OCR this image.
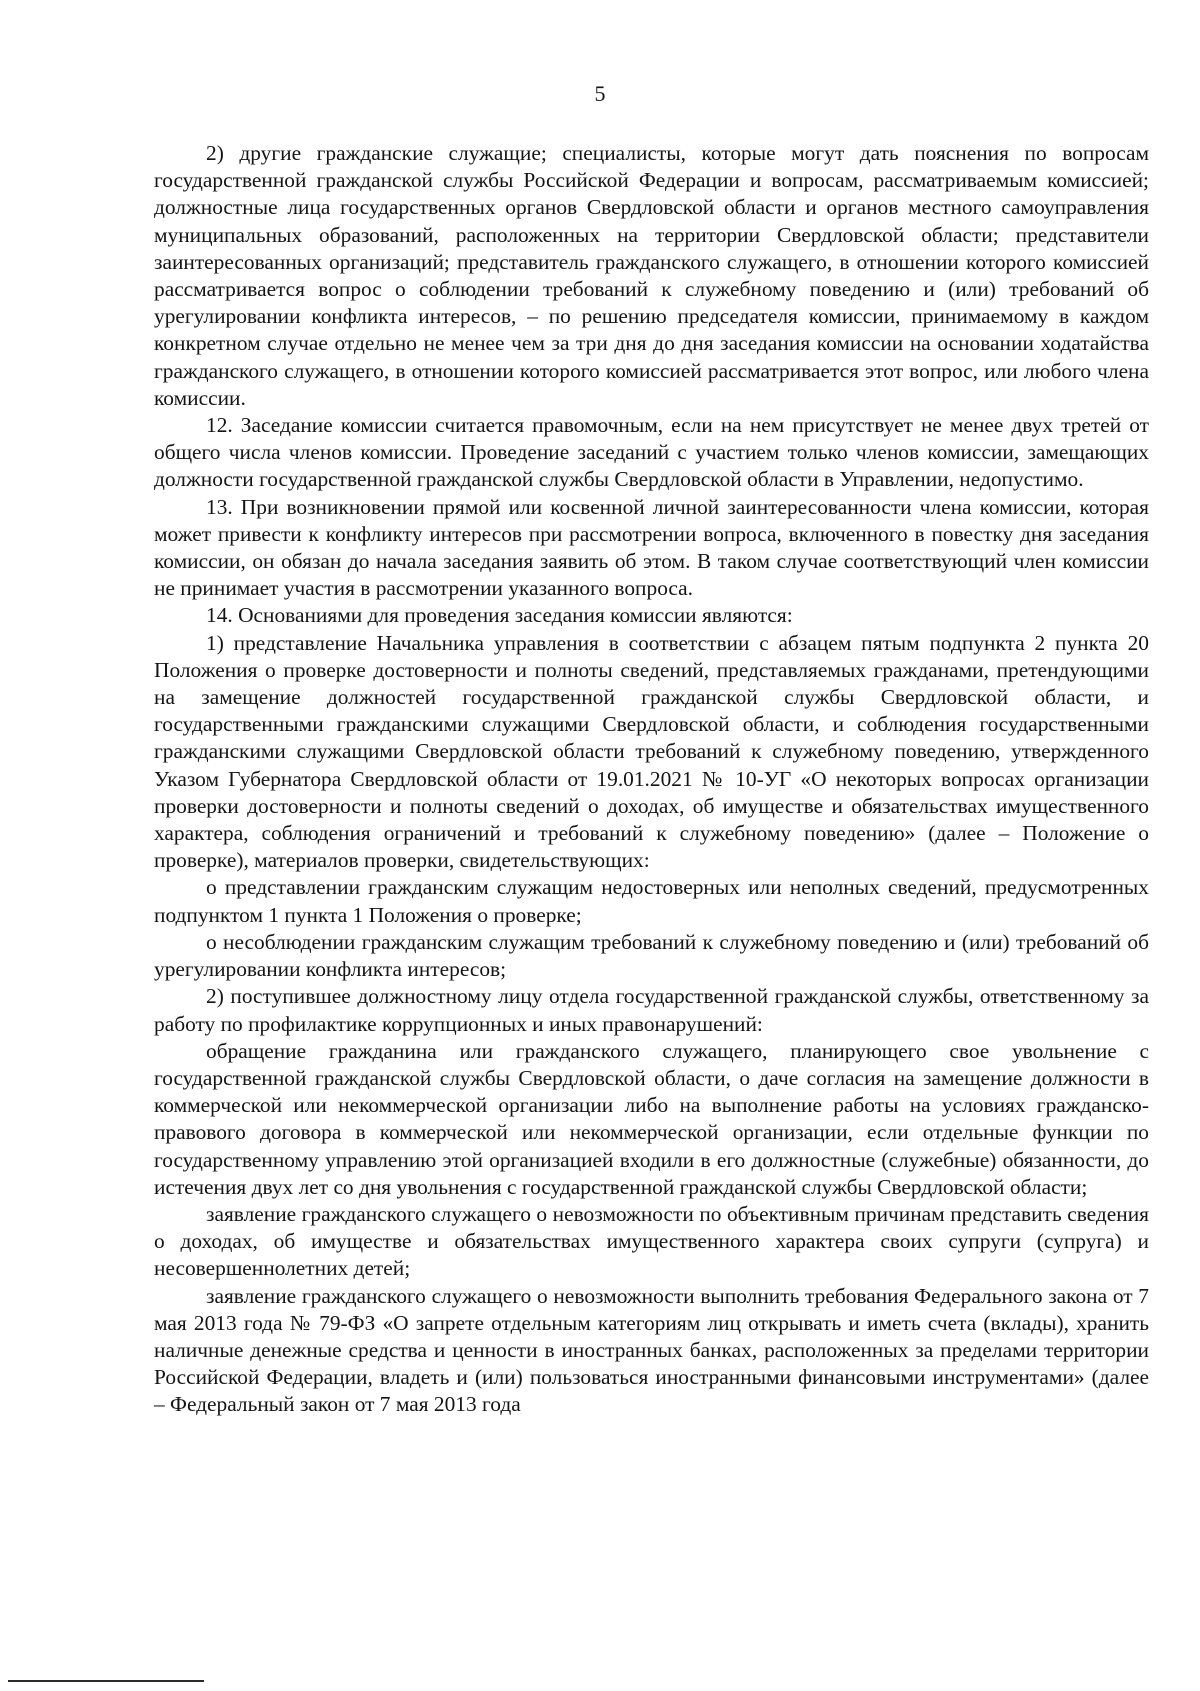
5

2) другие гражданские служащие; специалисты, которые могут дать пояснения по вопросам государственной гражданской службы Российской Федерации и вопросам, рассматриваемым комиссией; должностные лица государственных органов Свердловской области и органов местного самоуправления муниципальных образований, расположенных на территории Свердловской области; представители заинтересованных организаций; представитель гражданского служащего, в отношении которого комиссией рассматривается вопрос о соблюдении требований к служебному поведению и (или) требований об урегулировании конфликта интересов, – по решению председателя комиссии, принимаемому в каждом конкретном случае отдельно не менее чем за три дня до дня заседания комиссии на основании ходатайства гражданского служащего, в отношении которого комиссией рассматривается этот вопрос, или любого члена комиссии.

12. Заседание комиссии считается правомочным, если на нем присутствует не менее двух третей от общего числа членов комиссии. Проведение заседаний с участием только членов комиссии, замещающих должности государственной гражданской службы Свердловской области в Управлении, недопустимо.

13. При возникновении прямой или косвенной личной заинтересованности члена комиссии, которая может привести к конфликту интересов при рассмотрении вопроса, включенного в повестку дня заседания комиссии, он обязан до начала заседания заявить об этом. В таком случае соответствующий член комиссии не принимает участия в рассмотрении указанного вопроса.

14. Основаниями для проведения заседания комиссии являются:

1) представление Начальника управления в соответствии с абзацем пятым подпункта 2 пункта 20 Положения о проверке достоверности и полноты сведений, представляемых гражданами, претендующими на замещение должностей государственной гражданской службы Свердловской области, и государственными гражданскими служащими Свердловской области, и соблюдения государственными гражданскими служащими Свердловской области требований к служебному поведению, утвержденного Указом Губернатора Свердловской области от 19.01.2021 № 10-УГ «О некоторых вопросах организации проверки достоверности и полноты сведений о доходах, об имуществе и обязательствах имущественного характера, соблюдения ограничений и требований к служебному поведению» (далее – Положение о проверке), материалов проверки, свидетельствующих:

о представлении гражданским служащим недостоверных или неполных сведений, предусмотренных подпунктом 1 пункта 1 Положения о проверке;

о несоблюдении гражданским служащим требований к служебному поведению и (или) требований об урегулировании конфликта интересов;

2) поступившее должностному лицу отдела государственной гражданской службы, ответственному за работу по профилактике коррупционных и иных правонарушений:

обращение гражданина или гражданского служащего, планирующего свое увольнение с государственной гражданской службы Свердловской области, о даче согласия на замещение должности в коммерческой или некоммерческой организации либо на выполнение работы на условиях гражданско-правового договора в коммерческой или некоммерческой организации, если отдельные функции по государственному управлению этой организацией входили в его должностные (служебные) обязанности, до истечения двух лет со дня увольнения с государственной гражданской службы Свердловской области;

заявление гражданского служащего о невозможности по объективным причинам представить сведения о доходах, об имуществе и обязательствах имущественного характера своих супруги (супруга) и несовершеннолетних детей;

заявление гражданского служащего о невозможности выполнить требования Федерального закона от 7 мая 2013 года № 79-ФЗ «О запрете отдельным категориям лиц открывать и иметь счета (вклады), хранить наличные денежные средства и ценности в иностранных банках, расположенных за пределами территории Российской Федерации, владеть и (или) пользоваться иностранными финансовыми инструментами» (далее – Федеральный закон от 7 мая 2013 года
